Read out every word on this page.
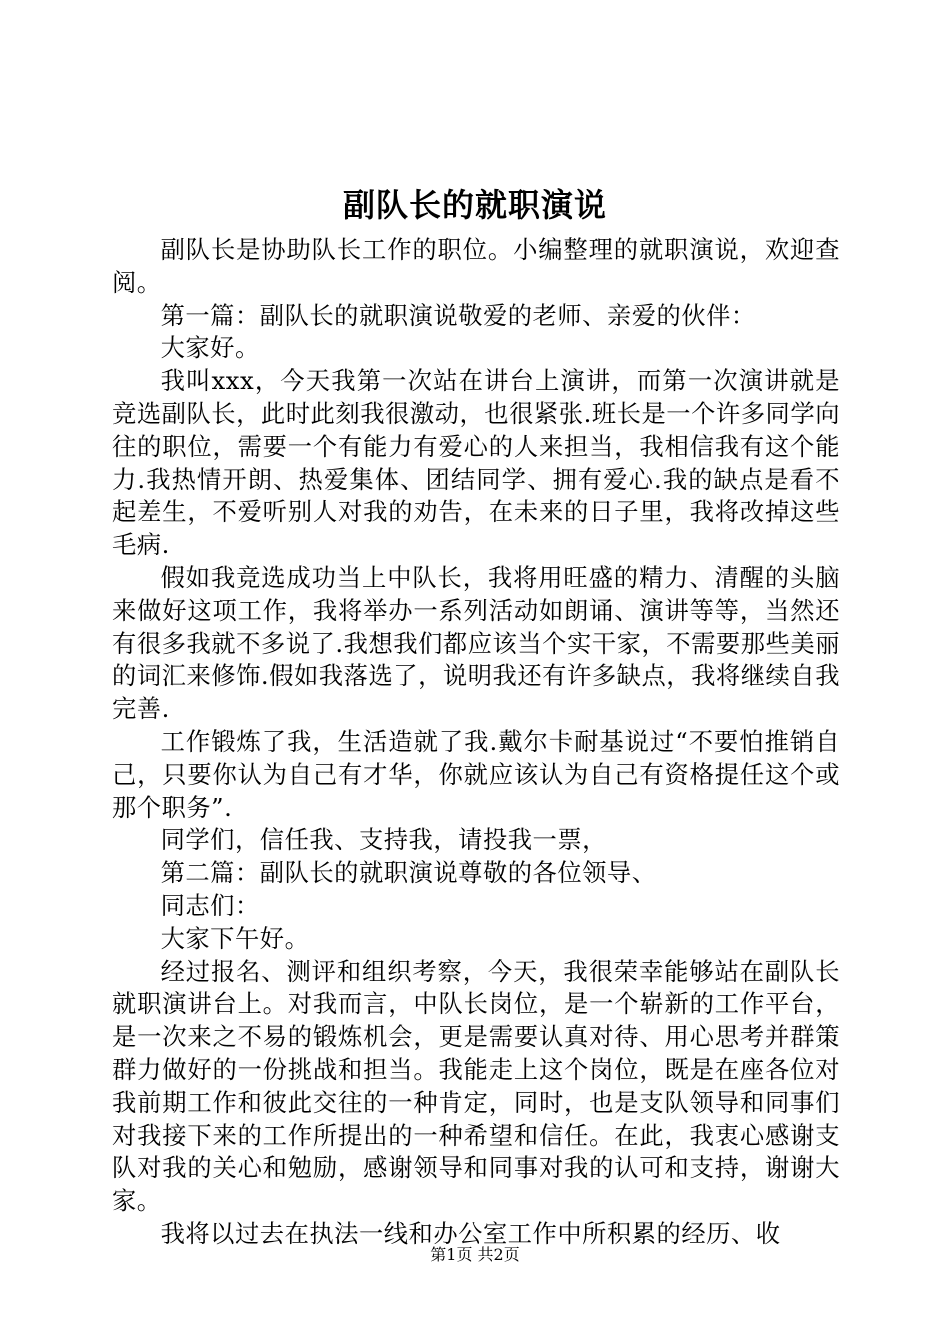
副队长的就职演说

副队长是协助队长工作的职位。小编整理的就职演说，欢迎查阅。

第一篇：副队长的就职演说敬爱的老师、亲爱的伙伴：

大家好。

我叫xxx，今天我第一次站在讲台上演讲，而第一次演讲就是竞选副队长，此时此刻我很激动，也很紧张.班长是一个许多同学向往的职位，需要一个有能力有爱心的人来担当，我相信我有这个能力.我热情开朗、热爱集体、团结同学、拥有爱心.我的缺点是看不起差生，不爱听别人对我的劝告，在未来的日子里，我将改掉这些毛病.

假如我竞选成功当上中队长，我将用旺盛的精力、清醒的头脑来做好这项工作，我将举办一系列活动如朗诵、演讲等等，当然还有很多我就不多说了.我想我们都应该当个实干家，不需要那些美丽的词汇来修饰.假如我落选了，说明我还有许多缺点，我将继续自我完善.

工作锻炼了我，生活造就了我.戴尔卡耐基说过“不要怕推销自己，只要你认为自己有才华，你就应该认为自己有资格提任这个或那个职务”.

同学们，信任我、支持我，请投我一票，

第二篇：副队长的就职演说尊敬的各位领导、

同志们：

大家下午好。

经过报名、测评和组织考察，今天，我很荣幸能够站在副队长就职演讲台上。对我而言，中队长岗位，是一个崭新的工作平台，是一次来之不易的锻炼机会，更是需要认真对待、用心思考并群策群力做好的一份挑战和担当。我能走上这个岗位，既是在座各位对我前期工作和彼此交往的一种肯定，同时，也是支队领导和同事们对我接下来的工作所提出的一种希望和信任。在此，我衷心感谢支队对我的关心和勉励，感谢领导和同事对我的认可和支持，谢谢大家。

我将以过去在执法一线和办公室工作中所积累的经历、收

第1页 共2页
